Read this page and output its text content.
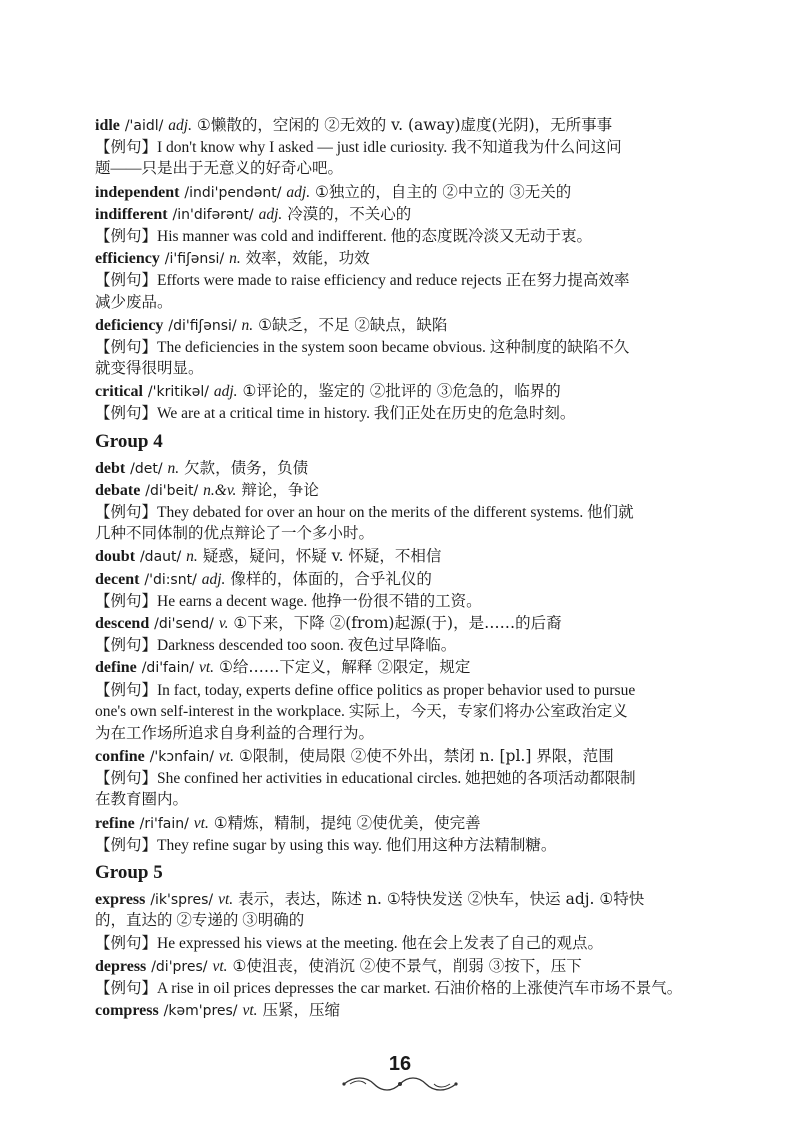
idle /'aidl/ adj. ①懒散的，空闲的 ②无效的 v. (away)虚度(光阴)，无所事事
【例句】I don't know why I asked — just idle curiosity. 我不知道我为什么问这问
题——只是出于无意义的好奇心吧。
independent /indi'pendənt/ adj. ①独立的，自主的 ②中立的 ③无关的
indifferent /in'difərənt/ adj. 冷漠的，不关心的
【例句】His manner was cold and indifferent. 他的态度既冷淡又无动于衷。
efficiency /i'fiʃənsi/ n. 效率，效能，功效
【例句】Efforts were made to raise efficiency and reduce rejects 正在努力提高效率
减少废品。
deficiency /di'fiʃənsi/ n. ①缺乏，不足 ②缺点，缺陷
【例句】The deficiencies in the system soon became obvious. 这种制度的缺陷不久
就变得很明显。
critical /'kritikəl/ adj. ①评论的，鉴定的 ②批评的 ③危急的，临界的
【例句】We are at a critical time in history. 我们正处在历史的危急时刻。
Group 4
debt /det/ n. 欠款，债务，负债
debate /di'beit/ n.&v. 辩论，争论
【例句】They debated for over an hour on the merits of the different systems. 他们就
几种不同体制的优点辩论了一个多小时。
doubt /daut/ n. 疑惑，疑问，怀疑 v. 怀疑，不相信
decent /'di:snt/ adj. 像样的，体面的，合乎礼仪的
【例句】He earns a decent wage. 他挣一份很不错的工资。
descend /di'send/ v. ①下来，下降 ②(from)起源(于)，是……的后裔
【例句】Darkness descended too soon. 夜色过早降临。
define /di'fain/ vt. ①给……下定义，解释 ②限定，规定
【例句】In fact, today, experts define office politics as proper behavior used to pursue
one's own self-interest in the workplace. 实际上，今天，专家们将办公室政治定义
为在工作场所追求自身利益的合理行为。
confine /'kɔnfain/ vt. ①限制，使局限 ②使不外出，禁闭 n. [pl.] 界限，范围
【例句】She confined her activities in educational circles. 她把她的各项活动都限制
在教育圈内。
refine /ri'fain/ vt. ①精炼，精制，提纯 ②使优美，使完善
【例句】They refine sugar by using this way. 他们用这种方法精制糖。
Group 5
express /ik'spres/ vt. 表示，表达，陈述 n. ①特快发送 ②快车，快运 adj. ①特快
的，直达的 ②专递的 ③明确的
【例句】He expressed his views at the meeting. 他在会上发表了自己的观点。
depress /di'pres/ vt. ①使沮丧，使消沉 ②使不景气，削弱 ③按下，压下
【例句】A rise in oil prices depresses the car market. 石油价格的上涨使汽车市场不景气。
compress /kəm'pres/ vt. 压紧，压缩
16
